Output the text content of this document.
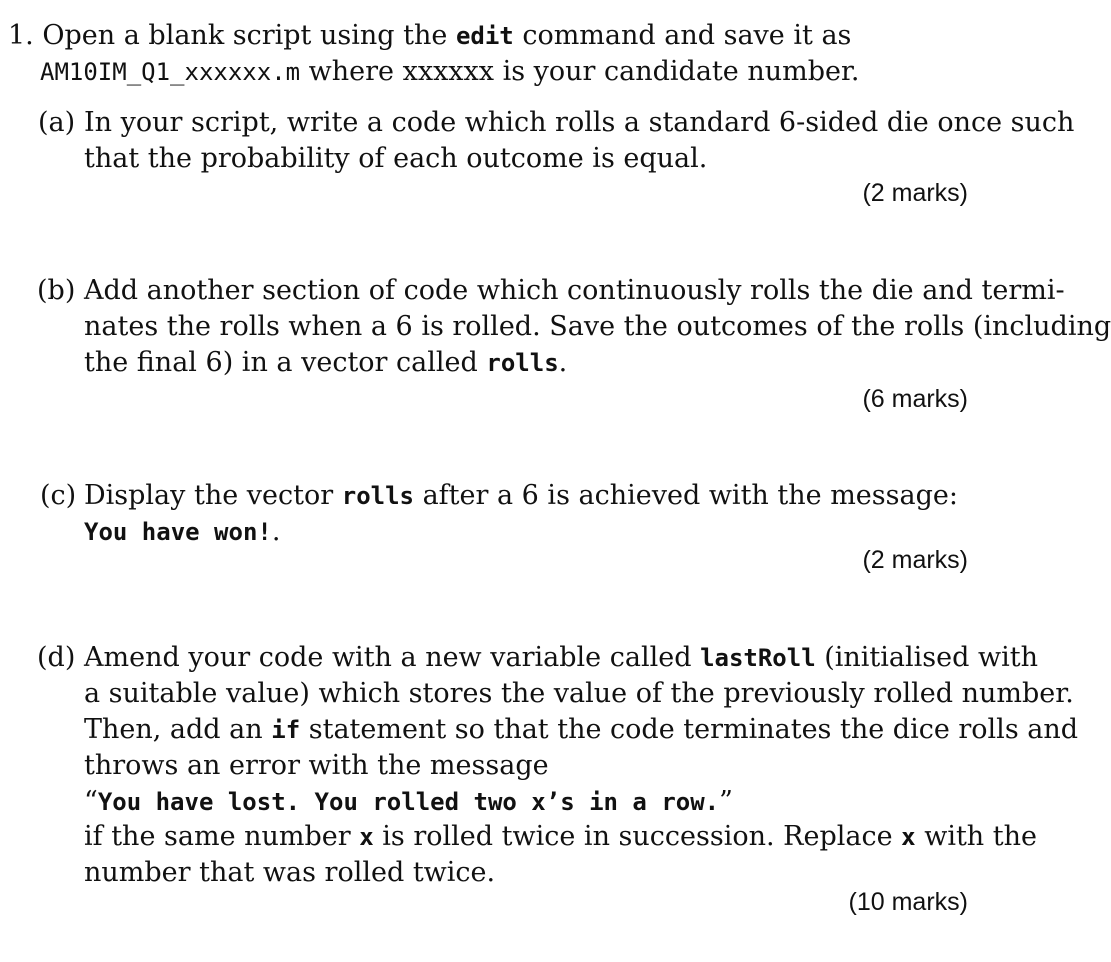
1. Open a blank script using the edit command and save it as
AM10IM_Q1_xxxxxx.m where xxxxxx is your candidate number.
(a) In your script, write a code which rolls a standard 6-sided die once such
that the probability of each outcome is equal.
(2 marks)
(b) Add another section of code which continuously rolls the die and termi-
nates the rolls when a 6 is rolled. Save the outcomes of the rolls (including
the final 6) in a vector called rolls.
(6 marks)
(c) Display the vector rolls after a 6 is achieved with the message:
You have won!.
(2 marks)
(d) Amend your code with a new variable called lastRoll (initialised with
a suitable value) which stores the value of the previously rolled number.
Then, add an if statement so that the code terminates the dice rolls and
throws an error with the message
“You have lost. You rolled two x’s in a row.”
if the same number x is rolled twice in succession. Replace x with the
number that was rolled twice.
(10 marks)
